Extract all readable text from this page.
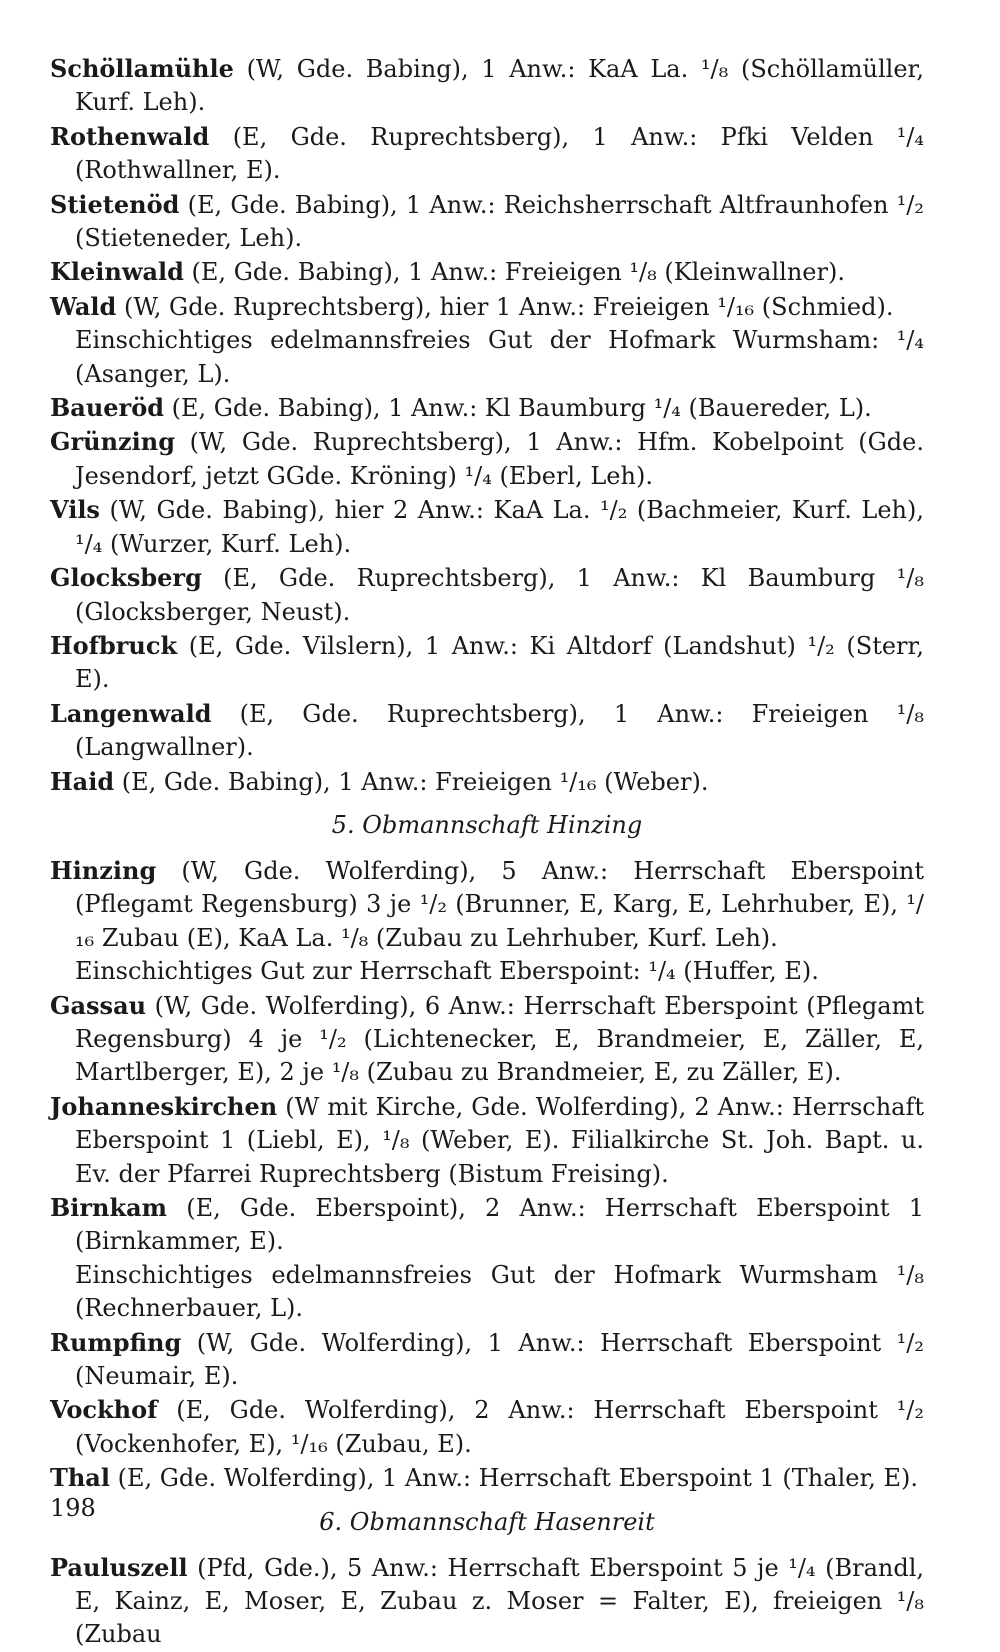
Schöllamühle (W, Gde. Babing), 1 Anw.: KaA La. ¹/₈ (Schöllamüller, Kurf. Leh).

Rothenwald (E, Gde. Ruprechtsberg), 1 Anw.: Pfki Velden ¹/₄ (Rothwallner, E).

Stietenöd (E, Gde. Babing), 1 Anw.: Reichsherrschaft Altfraunhofen ¹/₂ (Stieteneder, Leh).

Kleinwald (E, Gde. Babing), 1 Anw.: Freieigen ¹/₈ (Kleinwallner).

Wald (W, Gde. Ruprechtsberg), hier 1 Anw.: Freieigen ¹/₁₆ (Schmied).
Einschichtiges edelmannsfreies Gut der Hofmark Wurmsham: ¹/₄ (Asanger, L).

Baueröd (E, Gde. Babing), 1 Anw.: Kl Baumburg ¹/₄ (Bauereder, L).

Grünzing (W, Gde. Ruprechtsberg), 1 Anw.: Hfm. Kobelpoint (Gde. Jesendorf, jetzt GGde. Kröning) ¹/₄ (Eberl, Leh).

Vils (W, Gde. Babing), hier 2 Anw.: KaA La. ¹/₂ (Bachmeier, Kurf. Leh), ¹/₄ (Wurzer, Kurf. Leh).

Glocksberg (E, Gde. Ruprechtsberg), 1 Anw.: Kl Baumburg ¹/₈ (Glocksberger, Neust).

Hofbruck (E, Gde. Vilslern), 1 Anw.: Ki Altdorf (Landshut) ¹/₂ (Sterr, E).

Langenwald (E, Gde. Ruprechtsberg), 1 Anw.: Freieigen ¹/₈ (Langwallner).

Haid (E, Gde. Babing), 1 Anw.: Freieigen ¹/₁₆ (Weber).

5. Obmannschaft Hinzing

Hinzing (W, Gde. Wolferding), 5 Anw.: Herrschaft Eberspoint (Pflegamt Regensburg) 3 je ¹/₂ (Brunner, E, Karg, E, Lehrhuber, E), ¹/₁₆ Zubau (E), KaA La. ¹/₈ (Zubau zu Lehrhuber, Kurf. Leh).
Einschichtiges Gut zur Herrschaft Eberspoint: ¹/₄ (Huffer, E).

Gassau (W, Gde. Wolferding), 6 Anw.: Herrschaft Eberspoint (Pflegamt Regensburg) 4 je ¹/₂ (Lichtenecker, E, Brandmeier, E, Zäller, E, Martlberger, E), 2 je ¹/₈ (Zubau zu Brandmeier, E, zu Zäller, E).

Johanneskirchen (W mit Kirche, Gde. Wolferding), 2 Anw.: Herrschaft Eberspoint 1 (Liebl, E), ¹/₈ (Weber, E). Filialkirche St. Joh. Bapt. u. Ev. der Pfarrei Ruprechtsberg (Bistum Freising).

Birnkam (E, Gde. Eberspoint), 2 Anw.: Herrschaft Eberspoint 1 (Birnkammer, E).
Einschichtiges edelmannsfreies Gut der Hofmark Wurmsham ¹/₈ (Rechnerbauer, L).

Rumpfing (W, Gde. Wolferding), 1 Anw.: Herrschaft Eberspoint ¹/₂ (Neumair, E).

Vockhof (E, Gde. Wolferding), 2 Anw.: Herrschaft Eberspoint ¹/₂ (Vockenhofer, E), ¹/₁₆ (Zubau, E).

Thal (E, Gde. Wolferding), 1 Anw.: Herrschaft Eberspoint 1 (Thaler, E).

6. Obmannschaft Hasenreit

Pauluszell (Pfd, Gde.), 5 Anw.: Herrschaft Eberspoint 5 je ¹/₄ (Brandl, E, Kainz, E, Moser, E, Zubau z. Moser = Falter, E), freieigen ¹/₈ (Zubau

198
